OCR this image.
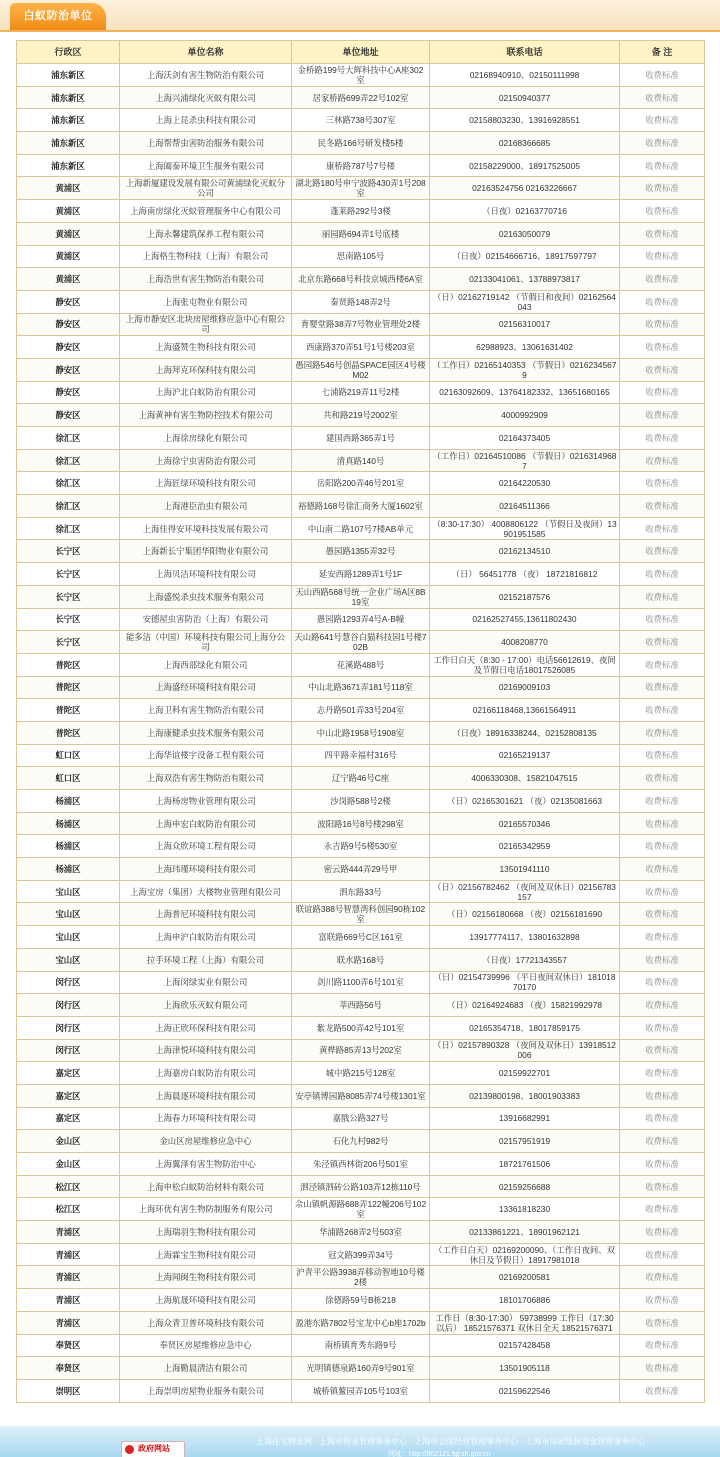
白蚁防治单位
行政区	单位名称	单位地址	联系电话	备 注
浦东新区	上海沃剑有害生物防治有限公司	金桥路199号大辉科技中心A座302室	02168940910、02150111998	收费标准
浦东新区	上海兴浦绿化灭蚁有限公司	居家桥路699弄22号102室	02150940377	收费标准
浦东新区	上海上昆杀虫科技有限公司	三林路738号307室	02158803230、13916928551	收费标准
浦东新区	上海帮帮虫害防治服务有限公司	民冬路166号研发楼5楼	02168366685	收费标准
浦东新区	上海阖泰环境卫生服务有限公司	康桥路787号7号楼	02158229000、18917525005	收费标准
黄浦区	上海新厦建设发展有限公司黄浦绿化灭蚁分公司	湖北路180号申宁波路430弄1号208室	02163524756 02163226667	收费标准
黄浦区	上海南房绿化灭蚁管理服务中心有限公司	蓬莱路292号3楼	（日夜）02163770716	收费标准
黄浦区	上海永馨建筑保养工程有限公司	丽园路694弄1号底楼	02163050079	收费标准
黄浦区	上海格生物科技（上海）有限公司	思南路105号	（日夜）02154666716、18917597797	收费标准
黄浦区	上海浩世有害生物防治有限公司	北京东路668号科技京城西楼6A室	02133041061、13788973817	收费标准
静安区	上海张屯物业有限公司	秦贤路148弄2号	（日）02162719142 （节假日和夜间）02162564043	收费标准
静安区	上海市静安区北块房屋维修应急中心有限公司	育婴堂路38弄7号物业管理处2楼	02156310017	收费标准
静安区	上海盛赞生物科技有限公司	西康路370弄51号1号楼203室	62988923、13061631402	收费标准
静安区	上海拜克环保科技有限公司	愚园路546号创晶SPACE园区4号楼M02	（工作日）02165140353 （节假日）02162345679	收费标准
静安区	上海沪北白蚁防治有限公司	七浦路219弄11号2楼	02163092609、13764182332、13651680165	收费标准
静安区	上海黄神有害生物防控技术有限公司	共和路219号2002室	4000992909	收费标准
徐汇区	上海徐房绿化有限公司	建国西路365弄1号	02164373405	收费标准
徐汇区	上海徐宁虫害防治有限公司	清真路140号	（工作日）02164510086 （节假日）02163149687	收费标准
徐汇区	上海匠绿环境科技有限公司	岳阳路200弄46号201室	02164220530	收费标准
徐汇区	上海港臣治虫有限公司	裕德路168号徐汇商务大厦1602室	02164511366	收费标准
徐汇区	上海佳得安环境科技发展有限公司	中山南二路107号7楼AB单元	（8:30-17:30） 4008806122 （节假日及夜间）13901951585	收费标准
长宁区	上海新长宁集团华阳物业有限公司	愚园路1355弄32号	02162134510	收费标准
长宁区	上海贝洁环境科技有限公司	延安西路1289弄1号1F	（日） 56451778 （夜） 18721816812	收费标准
长宁区	上海盛悦杀虫技术服务有限公司	天山西路568号统一企业广场A区8B19室	02152187576	收费标准
长宁区	安德屋虫害防治（上海）有限公司	愚园路1293弄4号A-B幢	02162527455,13611802430	收费标准
长宁区	能多洁（中国）环境科技有限公司上海分公司	天山路641号慧谷白猫科技园1号楼702B	4008208770	收费标准
普陀区	上海西部绿化有限公司	花溪路488号	工作日白天（8:30 - 17:00）电话56612619、夜间及节假日电话18017526085	收费标准
普陀区	上海盛经环境科技有限公司	中山北路3671弄181号118室	02169009103	收费标准
普陀区	上海卫科有害生物防治有限公司	志丹路501弄33号204室	02166118468,13661564911	收费标准
普陀区	上海康健杀虫技术服务有限公司	中山北路1958号1908室	（日夜）18916338244、02152808135	收费标准
虹口区	上海华谊楼宇设备工程有限公司	四平路幸福村316号	02165219137	收费标准
虹口区	上海双浩有害生物防治有限公司	辽宁路46号C座	4006330308、15821047515	收费标准
杨浦区	上海杨房物业管理有限公司	沙岗路588号2楼	（日）02165301621 （夜）02135081663	收费标准
杨浦区	上海申宏白蚁防治有限公司	波阳路16号8号楼298室	02165570346	收费标准
杨浦区	上海众欣环境工程有限公司	永吉路9号5楼530室	02165342959	收费标准
杨浦区	上海玮瑾环境科技有限公司	密云路444弄29号甲	13501941110	收费标准
宝山区	上海宝房（集团）大楼物业管理有限公司	泗东路33号	（日）02156782462 （夜间及双休日）02156783157	收费标准
宝山区	上海普尼环境科技有限公司	联谊路388号智慧湾科创园90栋102室	（日）02156180668 （夜）02156181690	收费标准
宝山区	上海申沪白蚁防治有限公司	富联路669号C区161室	13917774117、13801632898	收费标准
宝山区	拉手环境工程（上海）有限公司	联水路168号	（日夜）17721343557	收费标准
闵行区	上海闵绿实业有限公司	剑川路1100弄6号101室	（日）02154739996 （平日夜间双休日）18101870170	收费标准
闵行区	上海欣乐灭蚁有限公司	莘西路56号	（日）02164924683 （夜）15821992978	收费标准
闵行区	上海正欣环保科技有限公司	紫龙路500弄42号101室	02165354718、18017859175	收费标准
闵行区	上海津悦环境科技有限公司	黄桦路85弄13号202室	（日）02157890328 （夜间及双休日）13918512006	收费标准
嘉定区	上海嘉房白蚁防治有限公司	城中路215号128室	02159922701	收费标准
嘉定区	上海晨逐环境科技有限公司	安亭镇博园路8085弄74号楼1301室	02139800198、18001903383	收费标准
嘉定区	上海春力环境科技有限公司	嘉戬公路327号	13916682991	收费标准
金山区	金山区房屋维修应急中心	石化九村982号	02157951919	收费标准
金山区	上海翼泽有害生物防治中心	朱泾镇西林街206号501室	18721761506	收费标准
松江区	上海申松白蚁防治材料有限公司	泗泾镇泗砖公路103弄12栋110号	02159256688	收费标准
松江区	上海环优有害生物防制服务有限公司	佘山镇帆源路688弄122幢206号102室	13361818230	收费标准
青浦区	上海瑞羽生物科技有限公司	华浦路268弄2号503室	02133861221、18901962121	收费标准
青浦区	上海霖宝生物科技有限公司	冠文路399弄34号	（工作日白天）02169200090、（工作日夜间、双休日及节假日）18917981018	收费标准
青浦区	上海闻闽生物科技有限公司	沪青平公路3938弄移动智地10号楼2楼	02169200581	收费标准
青浦区	上海航晟环境科技有限公司	徐德路59号B栋218	18101706886	收费标准
青浦区	上海众青卫普环境科技有限公司	盈港东路7802号宝龙中心b座1702b	工作日（8:30-17:30） 59738999 工作日（17:30以后） 18521576371 双休日全天 18521576371	收费标准
奉贤区	奉贤区房屋维修应急中心	南桥镇育秀东路9号	02157428458	收费标准
奉贤区	上海勤晨清洁有限公司	光明镇德泉路160弄9号901室	13501905118	收费标准
崇明区	上海崇明房屋物业服务有限公司	城桥镇鳌园弄105号103室	02159622546	收费标准
政府网站
上海住宅物业网 · 上海市物业管理事务中心 · 上海市公房经营管理事务中心 · 上海市房屋维修资金管理事务中心
网址：http://962121.fgj.sh.gov.cn
